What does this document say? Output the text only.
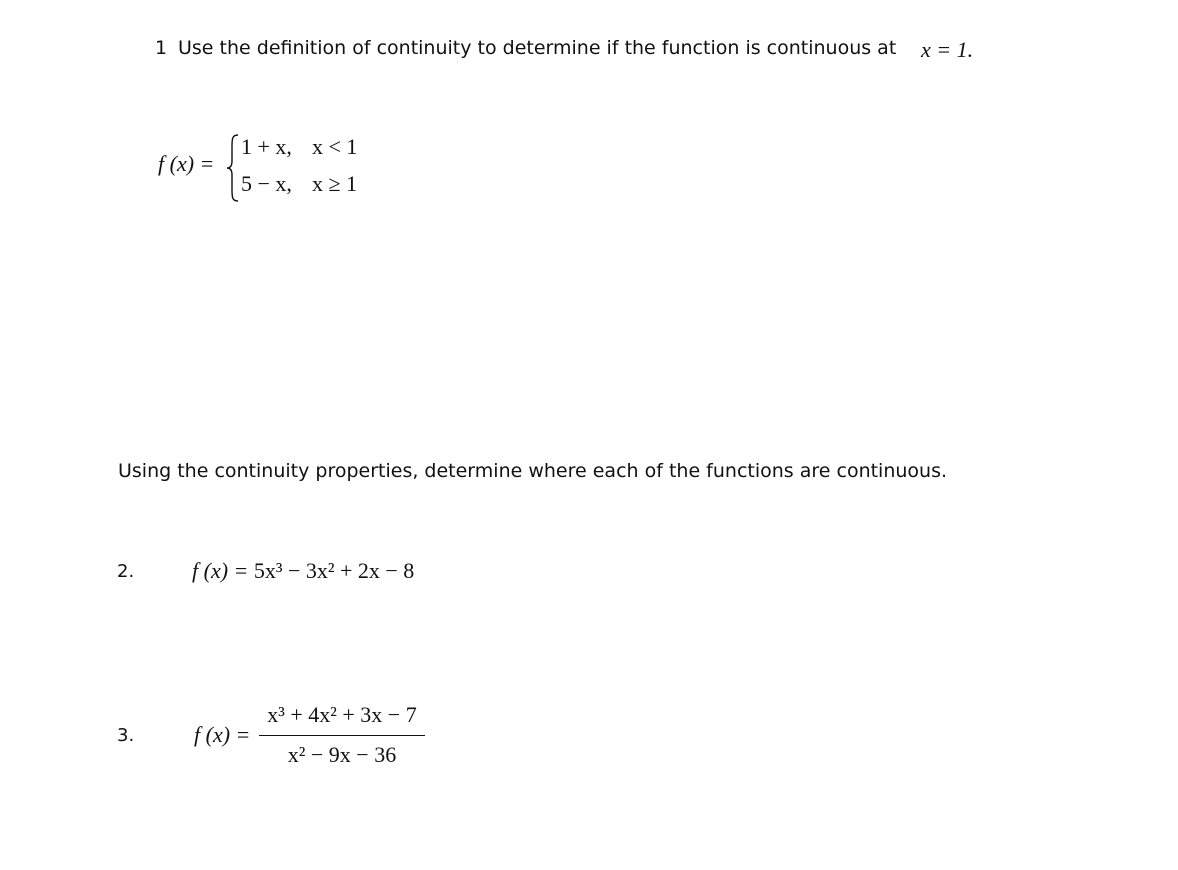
1 Use the definition of continuity to determine if the function is continuous at x = 1.
f (x) =
1 + x, x < 1
5 − x, x ≥ 1
Using the continuity properties, determine where each of the functions are continuous.
2.	f (x) = 5x³ − 3x² + 2x − 8
3.	f (x) =
x³ + 4x² + 3x − 7
x² − 9x − 36
